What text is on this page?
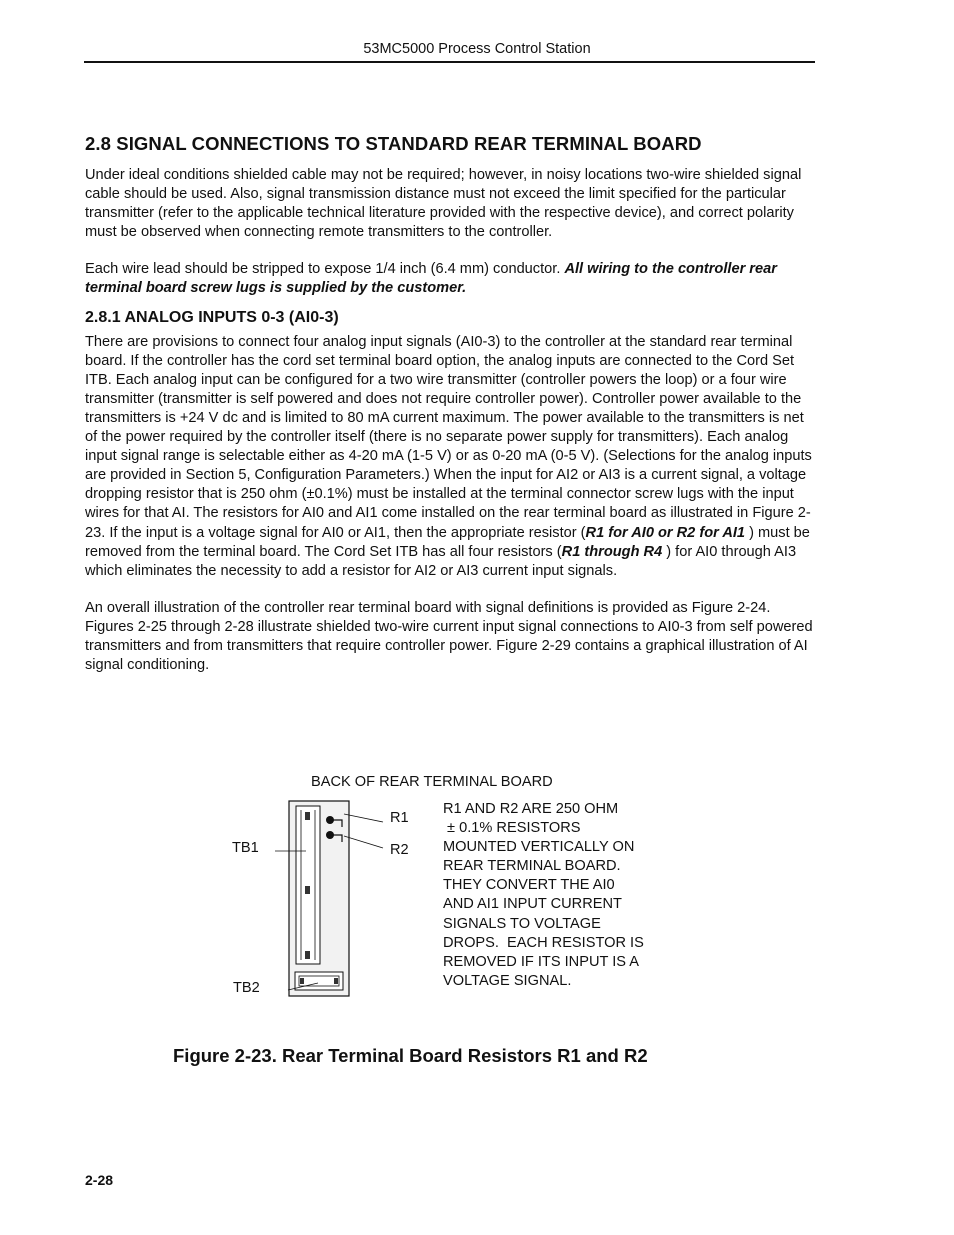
53MC5000 Process Control Station
2.8 SIGNAL CONNECTIONS TO STANDARD REAR TERMINAL BOARD

Under ideal conditions shielded cable may not be required; however, in noisy locations two-wire shielded signal cable should be used. Also, signal transmission distance must not exceed the limit specified for the particular transmitter (refer to the applicable technical literature provided with the respective device), and correct polarity must be observed when connecting remote transmitters to the controller.

Each wire lead should be stripped to expose 1/4 inch (6.4 mm) conductor. All wiring to the controller rear terminal board screw lugs is supplied by the customer.

2.8.1 ANALOG INPUTS 0-3 (AI0-3)

There are provisions to connect four analog input signals (AI0-3) to the controller at the standard rear terminal board. If the controller has the cord set terminal board option, the analog inputs are connected to the Cord Set ITB. Each analog input can be configured for a two wire transmitter (controller powers the loop) or a four wire transmitter (transmitter is self powered and does not require controller power). Controller power available to the transmitters is +24 V dc and is limited to 80 mA current maximum. The power available to the transmitters is net of the power required by the controller itself (there is no separate power supply for transmitters). Each analog input signal range is selectable either as 4-20 mA (1-5 V) or as 0-20 mA (0-5 V). (Selections for the analog inputs are provided in Section 5, Configuration Parameters.) When the input for AI2 or AI3 is a current signal, a voltage dropping resistor that is 250 ohm (±0.1%) must be installed at the terminal connector screw lugs with the input wires for that AI. The resistors for AI0 and AI1 come installed on the rear terminal board as illustrated in Figure 2-23. If the input is a voltage signal for AI0 or AI1, then the appropriate resistor (R1 for AI0 or R2 for AI1 ) must be removed from the terminal board. The Cord Set ITB has all four resistors (R1 through R4 ) for AI0 through AI3 which eliminates the necessity to add a resistor for AI2 or AI3 current input signals.

An overall illustration of the controller rear terminal board with signal definitions is provided as Figure 2-24. Figures 2-25 through 2-28 illustrate shielded two-wire current input signal connections to AI0-3 from self powered transmitters and from transmitters that require controller power. Figure 2-29 contains a graphical illustration of AI signal conditioning.

BACK OF REAR TERMINAL BOARD
R1
R2
TB1
TB2
R1 AND R2 ARE 250 OHM
± 0.1% RESISTORS
MOUNTED VERTICALLY ON
REAR TERMINAL BOARD.
THEY CONVERT THE AI0
AND AI1 INPUT CURRENT
SIGNALS TO VOLTAGE
DROPS.  EACH RESISTOR IS
REMOVED IF ITS INPUT IS A
VOLTAGE SIGNAL.
Figure 2-23. Rear Terminal Board Resistors R1 and R2
2-28
